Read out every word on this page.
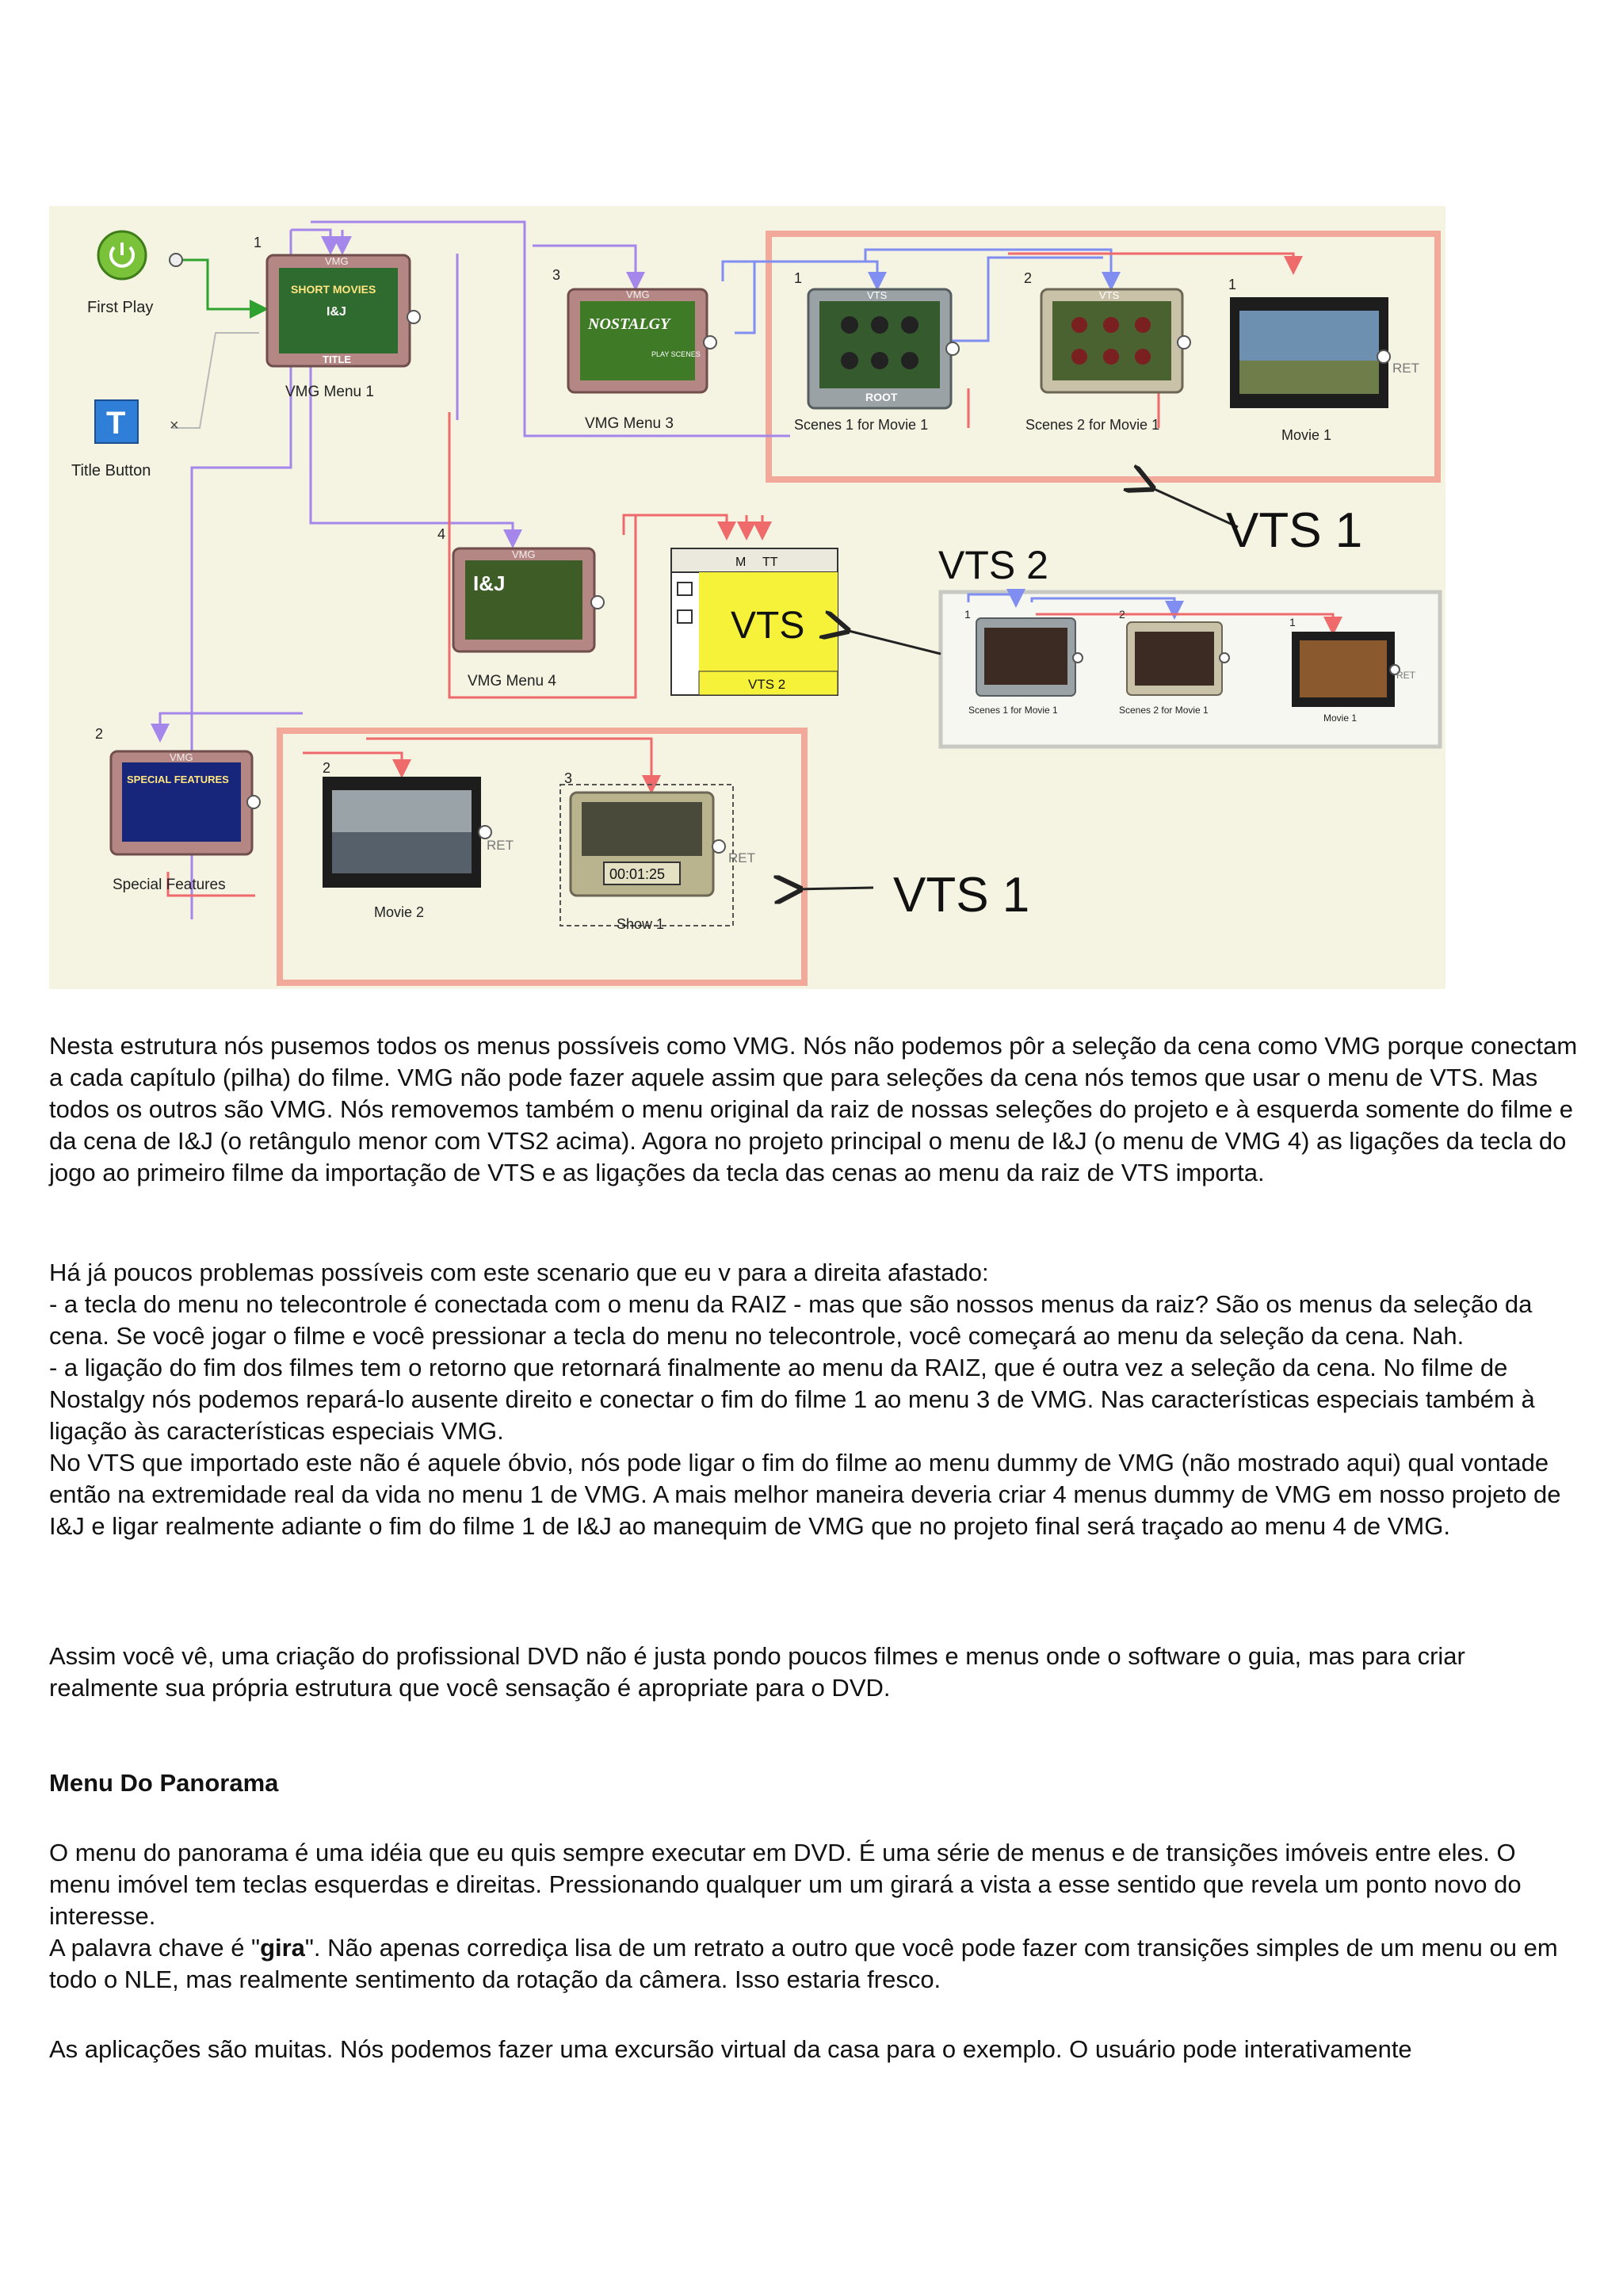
First Play
T	×
Title Button
1
VMG
SHORT MOVIES
I&J
TITLE
VMG Menu 1
3
VMG
NOSTALGY
PLAY SCENES
VMG Menu 3
1
VTS
ROOT
Scenes 1 for Movie 1
2
VTS
Scenes 2 for Movie 1
1
RET
Movie 1
VTS 1
4
VMG
I&J
VMG Menu 4
M TT
VTS
VTS 2
VTS 2
1
Scenes 1 for Movie 1
2
Scenes 2 for Movie 1
1
RET
Movie 1
2
VMG
SPECIAL FEATURES
Special Features
2
RET
Movie 2
3
00:01:25
RET
Show 1
VTS 1

Nesta estrutura nós pusemos todos os menus possíveis como VMG. Nós não podemos pôr a seleção da cena como VMG porque conectam a cada capítulo (pilha) do filme. VMG não pode fazer aquele assim que para seleções da cena nós temos que usar o menu de VTS. Mas todos os outros são VMG. Nós removemos também o menu original da raiz de nossas seleções do projeto e à esquerda somente do filme e da cena de I&J (o retângulo menor com VTS2 acima). Agora no projeto principal o menu de I&J (o menu de VMG 4) as ligações da tecla do jogo ao primeiro filme da importação de VTS e as ligações da tecla das cenas ao menu da raiz de VTS importa.

Há já poucos problemas possíveis com este scenario que eu v para a direita afastado:
- a tecla do menu no telecontrole é conectada com o menu da RAIZ - mas que são nossos menus da raiz? São os menus da seleção da cena. Se você jogar o filme e você pressionar a tecla do menu no telecontrole, você começará ao menu da seleção da cena. Nah.
- a ligação do fim dos filmes tem o retorno que retornará finalmente ao menu da RAIZ, que é outra vez a seleção da cena. No filme de Nostalgy nós podemos repará-lo ausente direito e conectar o fim do filme 1 ao menu 3 de VMG. Nas características especiais também à ligação às características especiais VMG.
No VTS que importado este não é aquele óbvio, nós pode ligar o fim do filme ao menu dummy de VMG (não mostrado aqui) qual vontade então na extremidade real da vida no menu 1 de VMG. A mais melhor maneira deveria criar 4 menus dummy de VMG em nosso projeto de I&J e ligar realmente adiante o fim do filme 1 de I&J ao manequim de VMG que no projeto final será traçado ao menu 4 de VMG.

Assim você vê, uma criação do profissional DVD não é justa pondo poucos filmes e menus onde o software o guia, mas para criar realmente sua própria estrutura que você sensação é apropriate para o DVD.

Menu Do Panorama

O menu do panorama é uma idéia que eu quis sempre executar em DVD. É uma série de menus e de transições imóveis entre eles. O menu imóvel tem teclas esquerdas e direitas. Pressionando qualquer um um girará a vista a esse sentido que revela um ponto novo do interesse.
A palavra chave é "gira". Não apenas corrediça lisa de um retrato a outro que você pode fazer com transições simples de um menu ou em todo o NLE, mas realmente sentimento da rotação da câmera. Isso estaria fresco.

As aplicações são muitas. Nós podemos fazer uma excursão virtual da casa para o exemplo. O usuário pode interativamente
